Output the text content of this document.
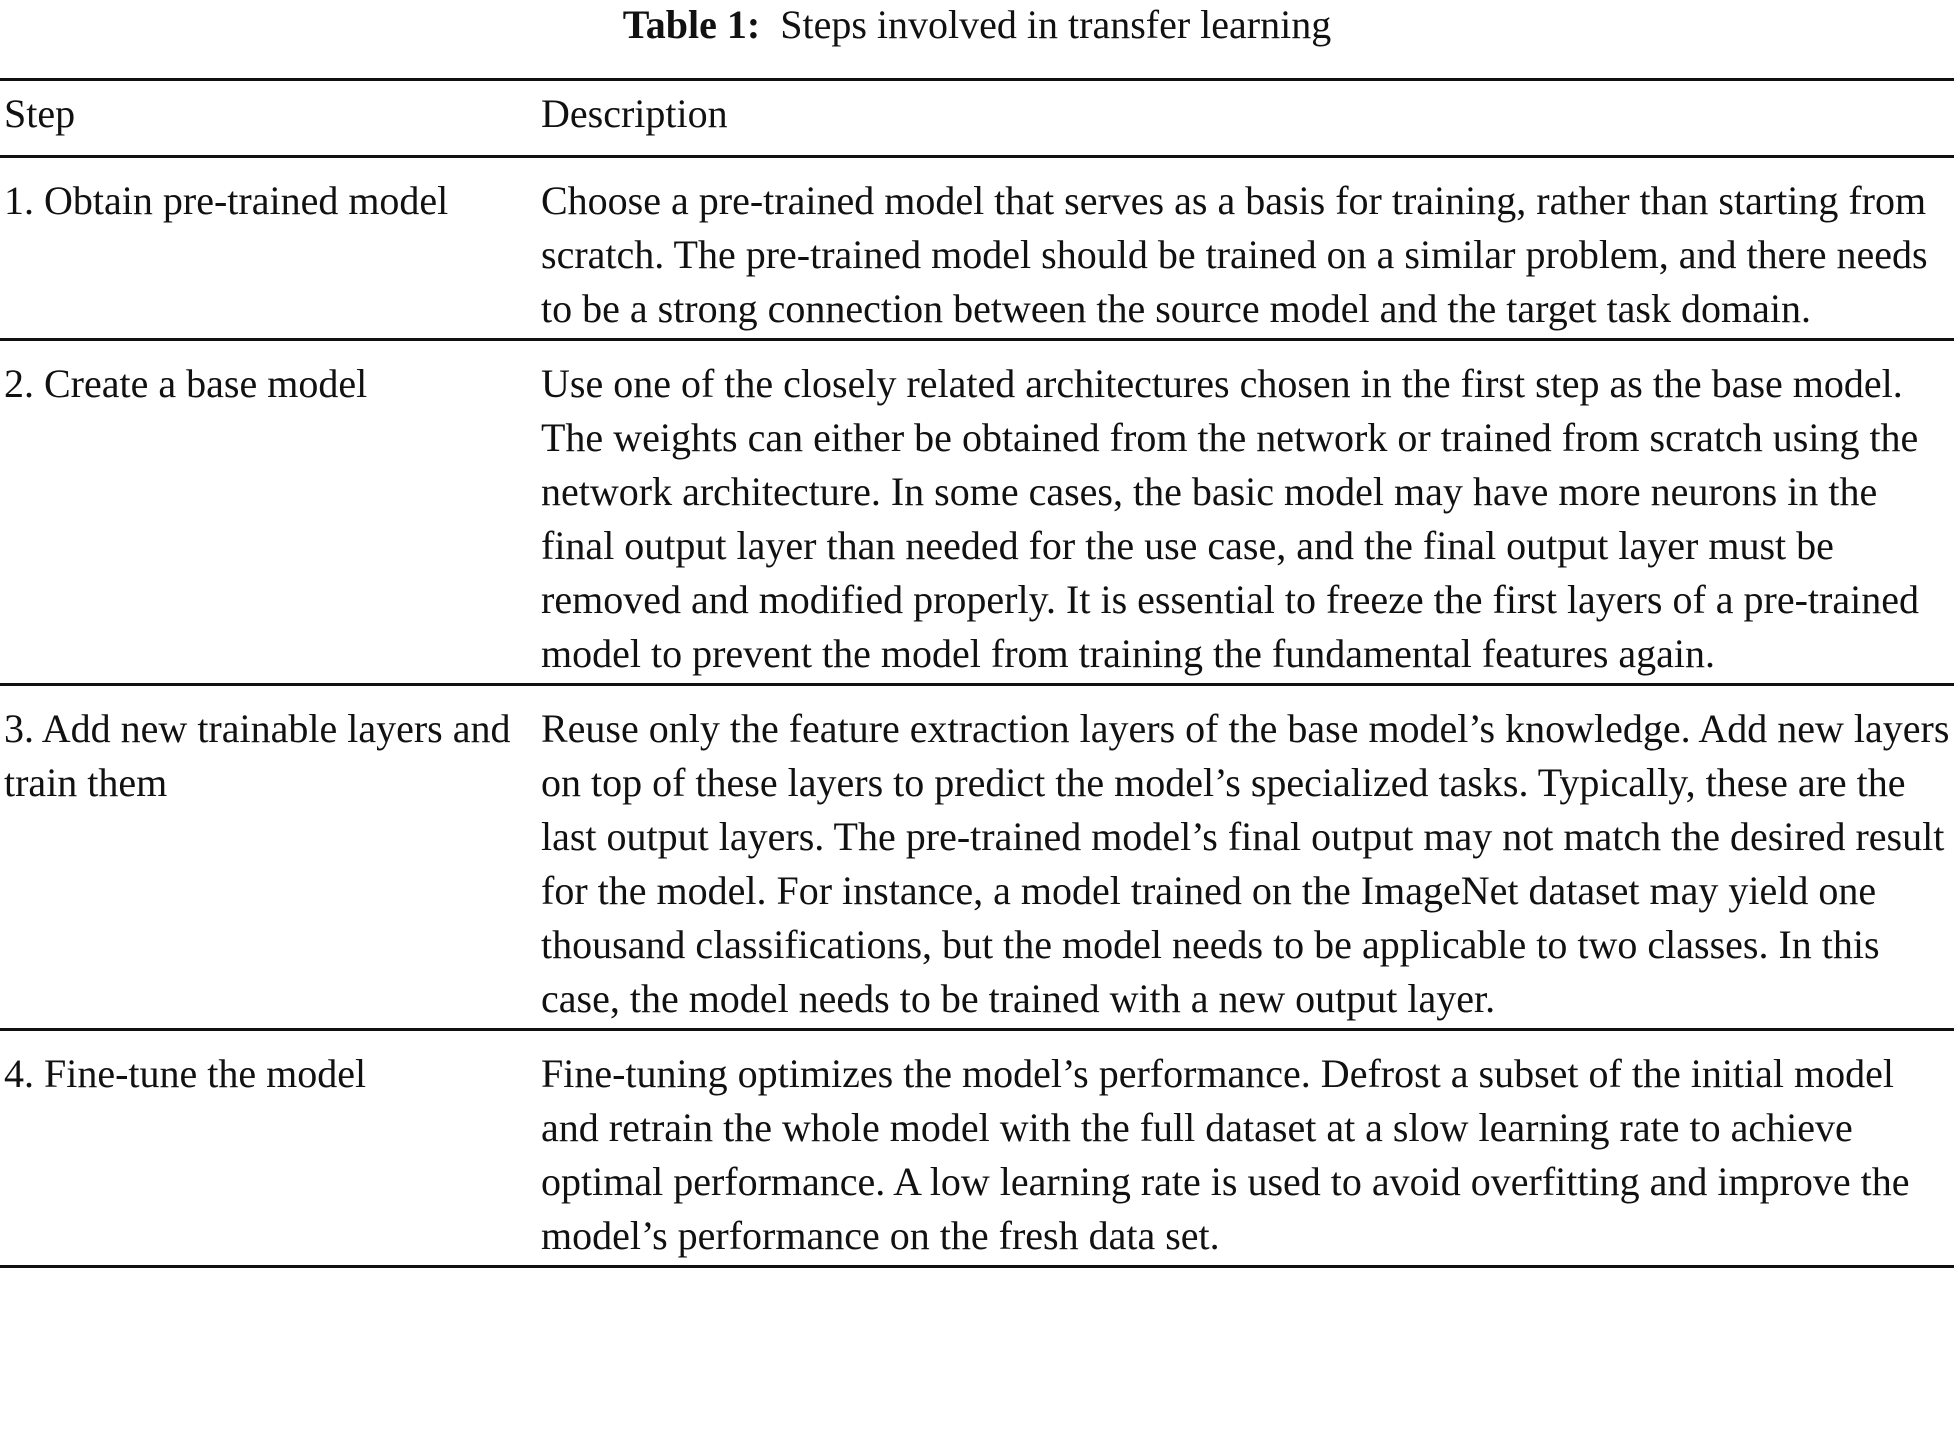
Table 1: Steps involved in transfer learning
Step	Description
1. Obtain pre-trained model	Choose a pre-trained model that serves as a basis for training, rather than starting from scratch. The pre-trained model should be trained on a similar problem, and there needs to be a strong connection between the source model and the target task domain.
2. Create a base model	Use one of the closely related architectures chosen in the first step as the base model. The weights can either be obtained from the network or trained from scratch using the network architecture. In some cases, the basic model may have more neurons in the final output layer than needed for the use case, and the final output layer must be removed and modified properly. It is essential to freeze the first layers of a pre-trained model to prevent the model from training the fundamental features again.
3. Add new trainable layers and train them	Reuse only the feature extraction layers of the base model’s knowledge. Add new layers on top of these layers to predict the model’s specialized tasks. Typically, these are the last output layers. The pre-trained model’s final output may not match the desired result for the model. For instance, a model trained on the ImageNet dataset may yield one thousand classifications, but the model needs to be applicable to two classes. In this case, the model needs to be trained with a new output layer.
4. Fine-tune the model	Fine-tuning optimizes the model’s performance. Defrost a subset of the initial model and retrain the whole model with the full dataset at a slow learning rate to achieve optimal performance. A low learning rate is used to avoid overfitting and improve the model’s performance on the fresh data set.
